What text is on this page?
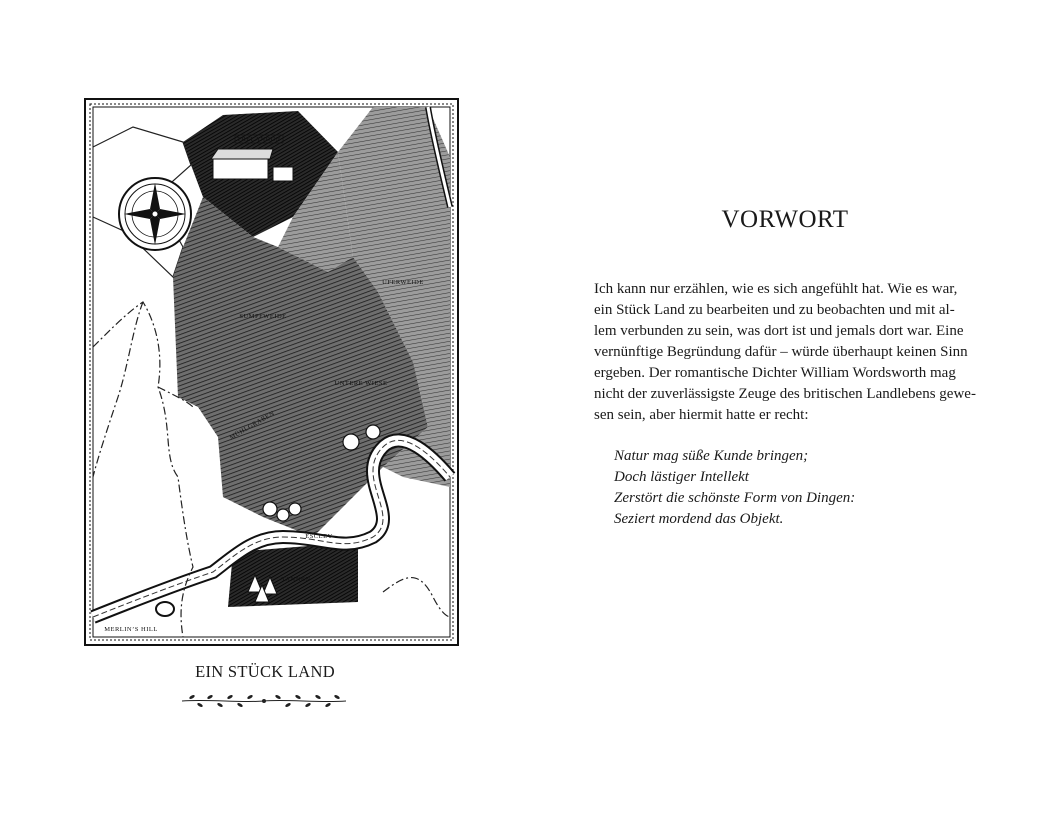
TRELANDON
UFERWEIDE
SUMPFWEIDE
UNTERE WIESE
MÜHLGRABEN
ESCLEY
TANNEN
MERLIN’S HILL
EIN STÜCK LAND
VORWORT

Ich kann nur erzählen, wie es sich angefühlt hat. Wie es war,

ein Stück Land zu bearbeiten und zu beobachten und mit al-

lem verbunden zu sein, was dort ist und jemals dort war. Eine

vernünftige Begründung dafür – würde überhaupt keinen Sinn

ergeben. Der romantische Dichter William Wordsworth mag

nicht der zuverlässigste Zeuge des britischen Landlebens gewe-

sen sein, aber hiermit hatte er recht:

Natur mag süße Kunde bringen;
Doch lästiger Intellekt
Zerstört die schönste Form von Dingen:
Seziert mordend das Objekt.
